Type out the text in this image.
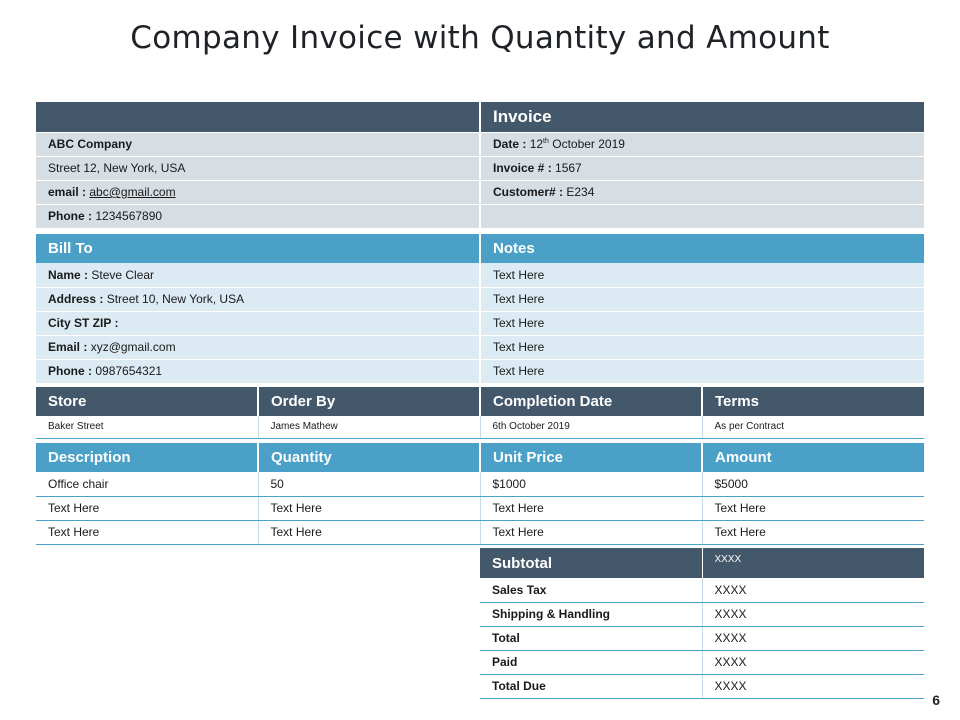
Company Invoice with Quantity and Amount
	Invoice
ABC Company	Date : 12th October 2019
Street 12, New York, USA	Invoice # : 1567
email : abc@gmail.com	Customer# : E234
Phone : 1234567890	
Bill To	Notes
Name : Steve Clear	Text Here
Address : Street 10, New York, USA	Text Here
City ST ZIP :	Text Here
Email : xyz@gmail.com	Text Here
Phone : 0987654321	Text Here
Store	Order By	Completion Date	Terms
Baker Street	James Mathew	6th October 2019	As per Contract
Description	Quantity	Unit Price	Amount
Office chair	50	$1000	$5000
Text Here	Text Here	Text Here	Text Here
Text Here	Text Here	Text Here	Text Here
Subtotal	XXXX
Sales Tax	XXXX
Shipping & Handling	XXXX
Total	XXXX
Paid	XXXX
Total Due	XXXX
6
